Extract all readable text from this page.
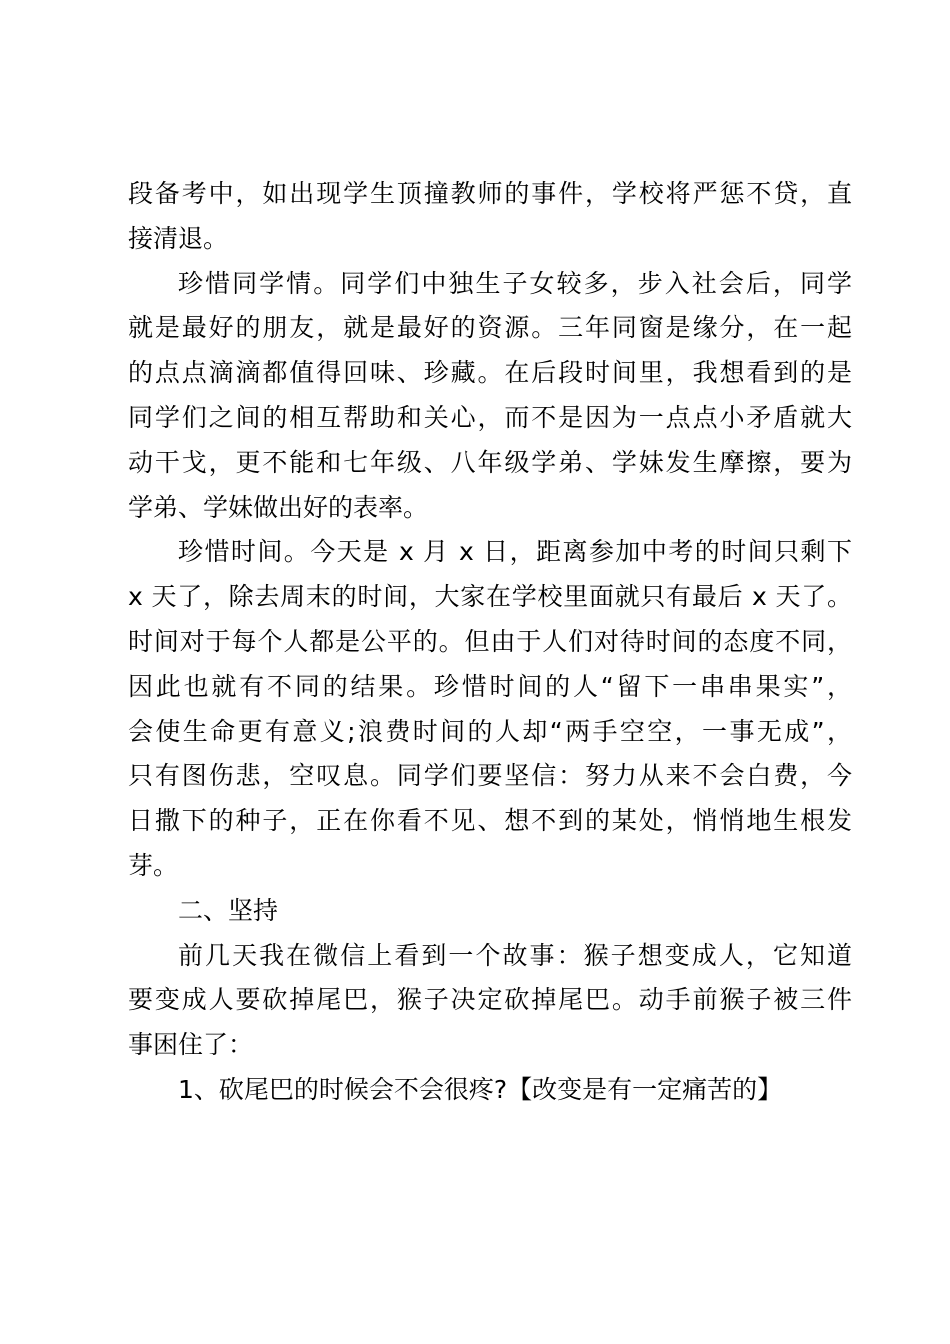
段备考中，如出现学生顶撞教师的事件，学校将严惩不贷，直
接清退。
珍惜同学情。同学们中独生子女较多，步入社会后，同学
就是最好的朋友，就是最好的资源。三年同窗是缘分，在一起
的点点滴滴都值得回味、珍藏。在后段时间里，我想看到的是
同学们之间的相互帮助和关心，而不是因为一点点小矛盾就大
动干戈，更不能和七年级、八年级学弟、学妹发生摩擦，要为
学弟、学妹做出好的表率。
珍惜时间。今天是 x 月 x 日，距离参加中考的时间只剩下
x 天了，除去周末的时间，大家在学校里面就只有最后 x 天了。
时间对于每个人都是公平的。但由于人们对待时间的态度不同，
因此也就有不同的结果。珍惜时间的人“留下一串串果实”，
会使生命更有意义;浪费时间的人却“两手空空，一事无成”，
只有图伤悲，空叹息。同学们要坚信：努力从来不会白费，今
日撒下的种子，正在你看不见、想不到的某处，悄悄地生根发
芽。
二、坚持
前几天我在微信上看到一个故事：猴子想变成人，它知道
要变成人要砍掉尾巴，猴子决定砍掉尾巴。动手前猴子被三件
事困住了：
1、砍尾巴的时候会不会很疼?【改变是有一定痛苦的】
